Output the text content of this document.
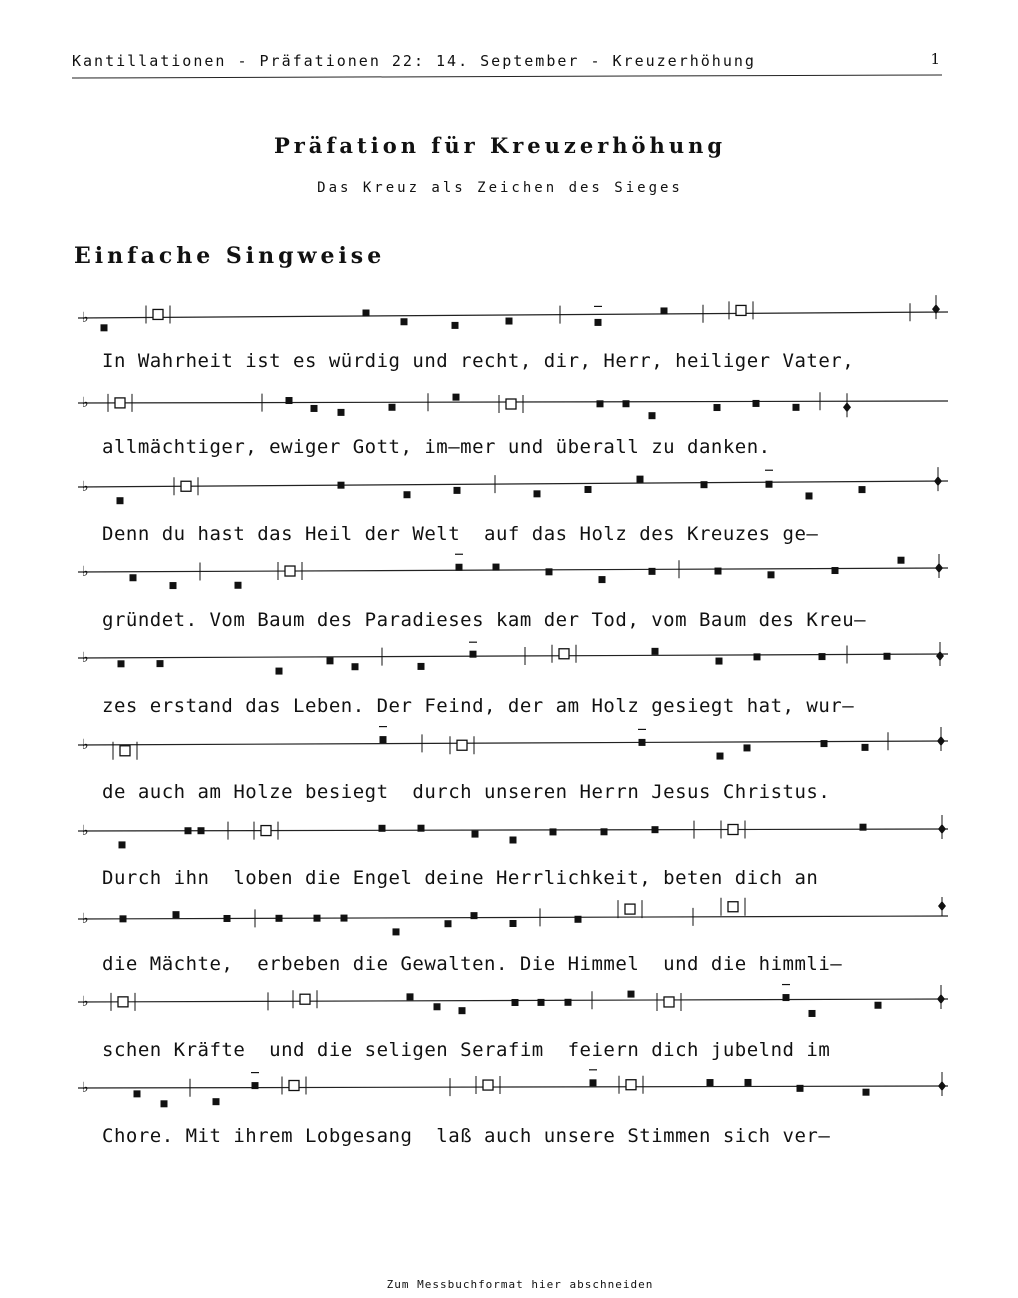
Kantillationen - Präfationen 22: 14. September - Kreuzerhöhung	1
Präfation für Kreuzerhöhung
Das Kreuz als Zeichen des Sieges
Einfache Singweise
♭
In Wahrheit ist es würdig und recht, dir, Herr, heiliger Vater,
♭
allmächtiger, ewiger Gott, im—mer und überall zu danken.
♭
Denn du hast das Heil der Welt  auf das Holz des Kreuzes ge—
♭
gründet. Vom Baum des Paradieses kam der Tod, vom Baum des Kreu—
♭
zes erstand das Leben. Der Feind, der am Holz gesiegt hat, wur—
♭
de auch am Holze besiegt  durch unseren Herrn Jesus Christus.
♭
Durch ihn  loben die Engel deine Herrlichkeit, beten dich an
♭
die Mächte,  erbeben die Gewalten. Die Himmel  und die himmli—
♭
schen Kräfte  und die seligen Serafim  feiern dich jubelnd im
♭
Chore. Mit ihrem Lobgesang  laß auch unsere Stimmen sich ver—
Zum Messbuchformat hier abschneiden
